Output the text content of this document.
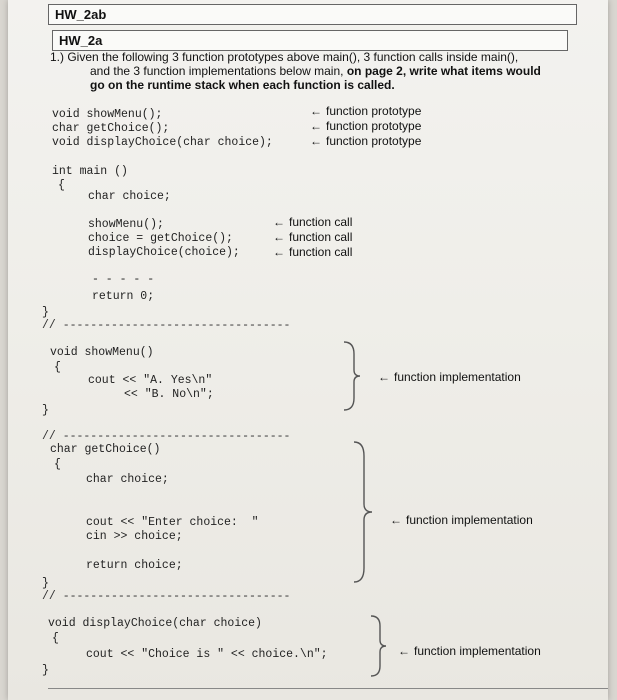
HW_2ab
HW_2a
1.) Given the following 3 function prototypes above main(), 3 function calls inside main(),
and the 3 function implementations below main, on page 2, write what items would
go on the runtime stack when each function is called.
void showMenu();
char getChoice();
void displayChoice(char choice);
← function prototype
← function prototype
← function prototype
int main ()
{
char choice;
showMenu();
choice = getChoice();
displayChoice(choice);
← function call
← function call
← function call
- - - - -
return 0;
}
// ---------------------------------
void showMenu()
{
cout << "A. Yes\n"
<< "B. No\n";
}
← function implementation
// ---------------------------------
char getChoice()
{
char choice;
cout << "Enter choice:  "
cin >> choice;
return choice;
}
← function implementation
// ---------------------------------
void displayChoice(char choice)
{
cout << "Choice is " << choice.\n";
}
← function implementation
